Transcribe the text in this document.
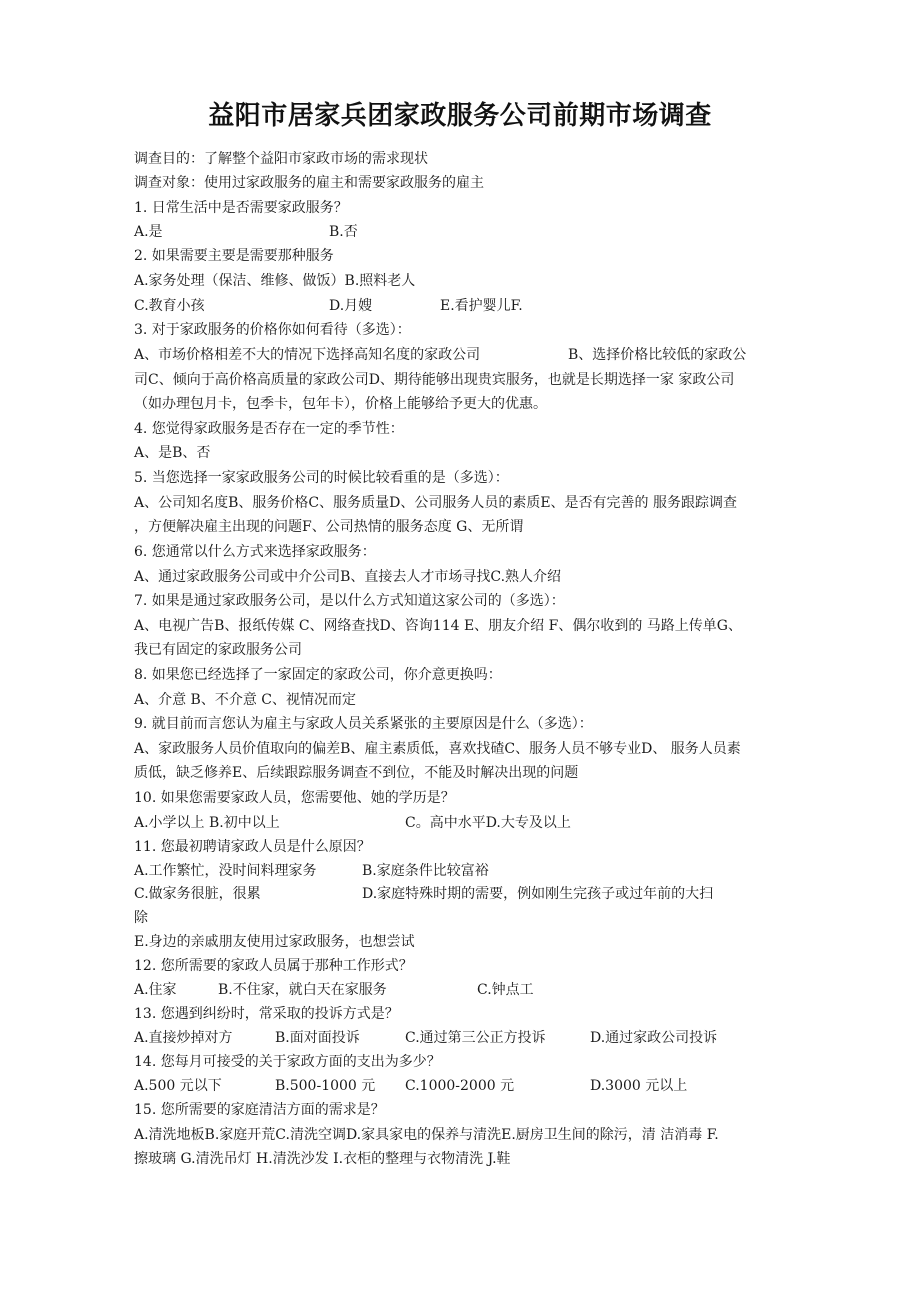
益阳市居家兵团家政服务公司前期市场调查
调查目的：了解整个益阳市家政市场的需求现状
调查对象：使用过家政服务的雇主和需要家政服务的雇主
1. 日常生活中是否需要家政服务？
A.是	B.否
2. 如果需要主要是需要那种服务
A.家务处理（保洁、维修、做饭）B.照料老人
C.教育小孩	D.月嫂	E.看护婴儿F.
3. 对于家政服务的价格你如何看待（多选）：
A、市场价格相差不大的情况下选择高知名度的家政公司	B、选择价格比较低的家政公
司C、倾向于高价格高质量的家政公司D、期待能够出现贵宾服务，也就是长期选择一家 家政公司
（如办理包月卡，包季卡，包年卡），价格上能够给予更大的优惠。
4. 您觉得家政服务是否存在一定的季节性：
A、是B、否
5. 当您选择一家家政服务公司的时候比较看重的是（多选）：
A、公司知名度B、服务价格C、服务质量D、公司服务人员的素质E、是否有完善的 服务跟踪调查
，方便解决雇主出现的问题F、公司热情的服务态度 G、无所谓
6. 您通常以什么方式来选择家政服务：
A、通过家政服务公司或中介公司B、直接去人才市场寻找C.熟人介绍
7. 如果是通过家政服务公司，是以什么方式知道这家公司的（多选）：
A、电视广告B、报纸传媒 C、网络查找D、咨询114 E、朋友介绍 F、偶尔收到的 马路上传单G、
我已有固定的家政服务公司
8. 如果您已经选择了一家固定的家政公司，你介意更换吗：
A、介意 B、不介意 C、视情况而定
9. 就目前而言您认为雇主与家政人员关系紧张的主要原因是什么（多选）：
A、家政服务人员价值取向的偏差B、雇主素质低，喜欢找碴C、服务人员不够专业D、 服务人员素
质低，缺乏修养E、后续跟踪服务调查不到位，不能及时解决出现的问题
10. 如果您需要家政人员，您需要他、她的学历是？
A.小学以上 B.初中以上	C。高中水平D.大专及以上
11. 您最初聘请家政人员是什么原因？
A.工作繁忙，没时间料理家务	B.家庭条件比较富裕
C.做家务很脏，很累	D.家庭特殊时期的需要，例如刚生完孩子或过年前的大扫
除
E.身边的亲戚朋友使用过家政服务，也想尝试
12. 您所需要的家政人员属于那种工作形式？
A.住家	B.不住家，就白天在家服务	C.钟点工
13. 您遇到纠纷时，常采取的投诉方式是？
A.直接炒掉对方	B.面对面投诉	C.通过第三公正方投诉	D.通过家政公司投诉
14. 您每月可接受的关于家政方面的支出为多少？
A.500 元以下	B.500-1000 元 C.1000-2000 元	D.3000 元以上
15. 您所需要的家庭清洁方面的需求是？
A.清洗地板B.家庭开荒C.清洗空调D.家具家电的保养与清洗E.厨房卫生间的除污，清 洁消毒 F.
擦玻璃 G.清洗吊灯 H.清洗沙发 I.衣柜的整理与衣物清洗 J.鞋
